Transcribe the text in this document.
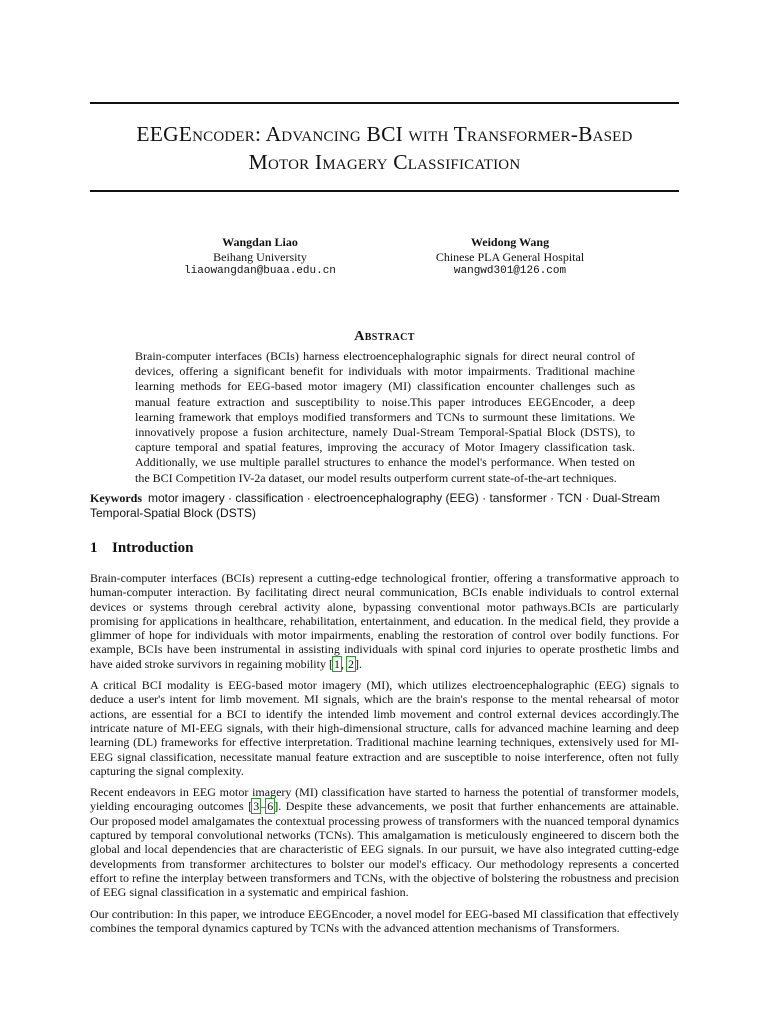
EEGEncoder: Advancing BCI with Transformer-Based
Motor Imagery Classification
Wangdan Liao
Beihang University
liaowangdan@buaa.edu.cn
Weidong Wang
Chinese PLA General Hospital
wangwd301@126.com
Abstract
Brain-computer interfaces (BCIs) harness electroencephalographic signals for direct neural control of devices, offering a significant benefit for individuals with motor impairments. Traditional machine learning methods for EEG-based motor imagery (MI) classification encounter challenges such as manual feature extraction and susceptibility to noise.This paper introduces EEGEncoder, a deep learning framework that employs modified transformers and TCNs to surmount these limitations. We innovatively propose a fusion architecture, namely Dual-Stream Temporal-Spatial Block (DSTS), to capture temporal and spatial features, improving the accuracy of Motor Imagery classification task. Additionally, we use multiple parallel structures to enhance the model's performance. When tested on the BCI Competition IV-2a dataset, our model results outperform current state-of-the-art techniques.
Keywords motor imagery · classification · electroencephalography (EEG) · tansformer · TCN · Dual-Stream Temporal-Spatial Block (DSTS)
1 Introduction

Brain-computer interfaces (BCIs) represent a cutting-edge technological frontier, offering a transformative approach to human-computer interaction. By facilitating direct neural communication, BCIs enable individuals to control external devices or systems through cerebral activity alone, bypassing conventional motor pathways.BCIs are particularly promising for applications in healthcare, rehabilitation, entertainment, and education. In the medical field, they provide a glimmer of hope for individuals with motor impairments, enabling the restoration of control over bodily functions. For example, BCIs have been instrumental in assisting individuals with spinal cord injuries to operate prosthetic limbs and have aided stroke survivors in regaining mobility [1, 2].

A critical BCI modality is EEG-based motor imagery (MI), which utilizes electroencephalographic (EEG) signals to deduce a user's intent for limb movement. MI signals, which are the brain's response to the mental rehearsal of motor actions, are essential for a BCI to identify the intended limb movement and control external devices accordingly.The intricate nature of MI-EEG signals, with their high-dimensional structure, calls for advanced machine learning and deep learning (DL) frameworks for effective interpretation. Traditional machine learning techniques, extensively used for MI-EEG signal classification, necessitate manual feature extraction and are susceptible to noise interference, often not fully capturing the signal complexity.

Recent endeavors in EEG motor imagery (MI) classification have started to harness the potential of transformer models, yielding encouraging outcomes [3–6]. Despite these advancements, we posit that further enhancements are attainable. Our proposed model amalgamates the contextual processing prowess of transformers with the nuanced temporal dynamics captured by temporal convolutional networks (TCNs). This amalgamation is meticulously engineered to discern both the global and local dependencies that are characteristic of EEG signals. In our pursuit, we have also integrated cutting-edge developments from transformer architectures to bolster our model's efficacy. Our methodology represents a concerted effort to refine the interplay between transformers and TCNs, with the objective of bolstering the robustness and precision of EEG signal classification in a systematic and empirical fashion.

Our contribution: In this paper, we introduce EEGEncoder, a novel model for EEG-based MI classification that effectively combines the temporal dynamics captured by TCNs with the advanced attention mechanisms of Transformers.
